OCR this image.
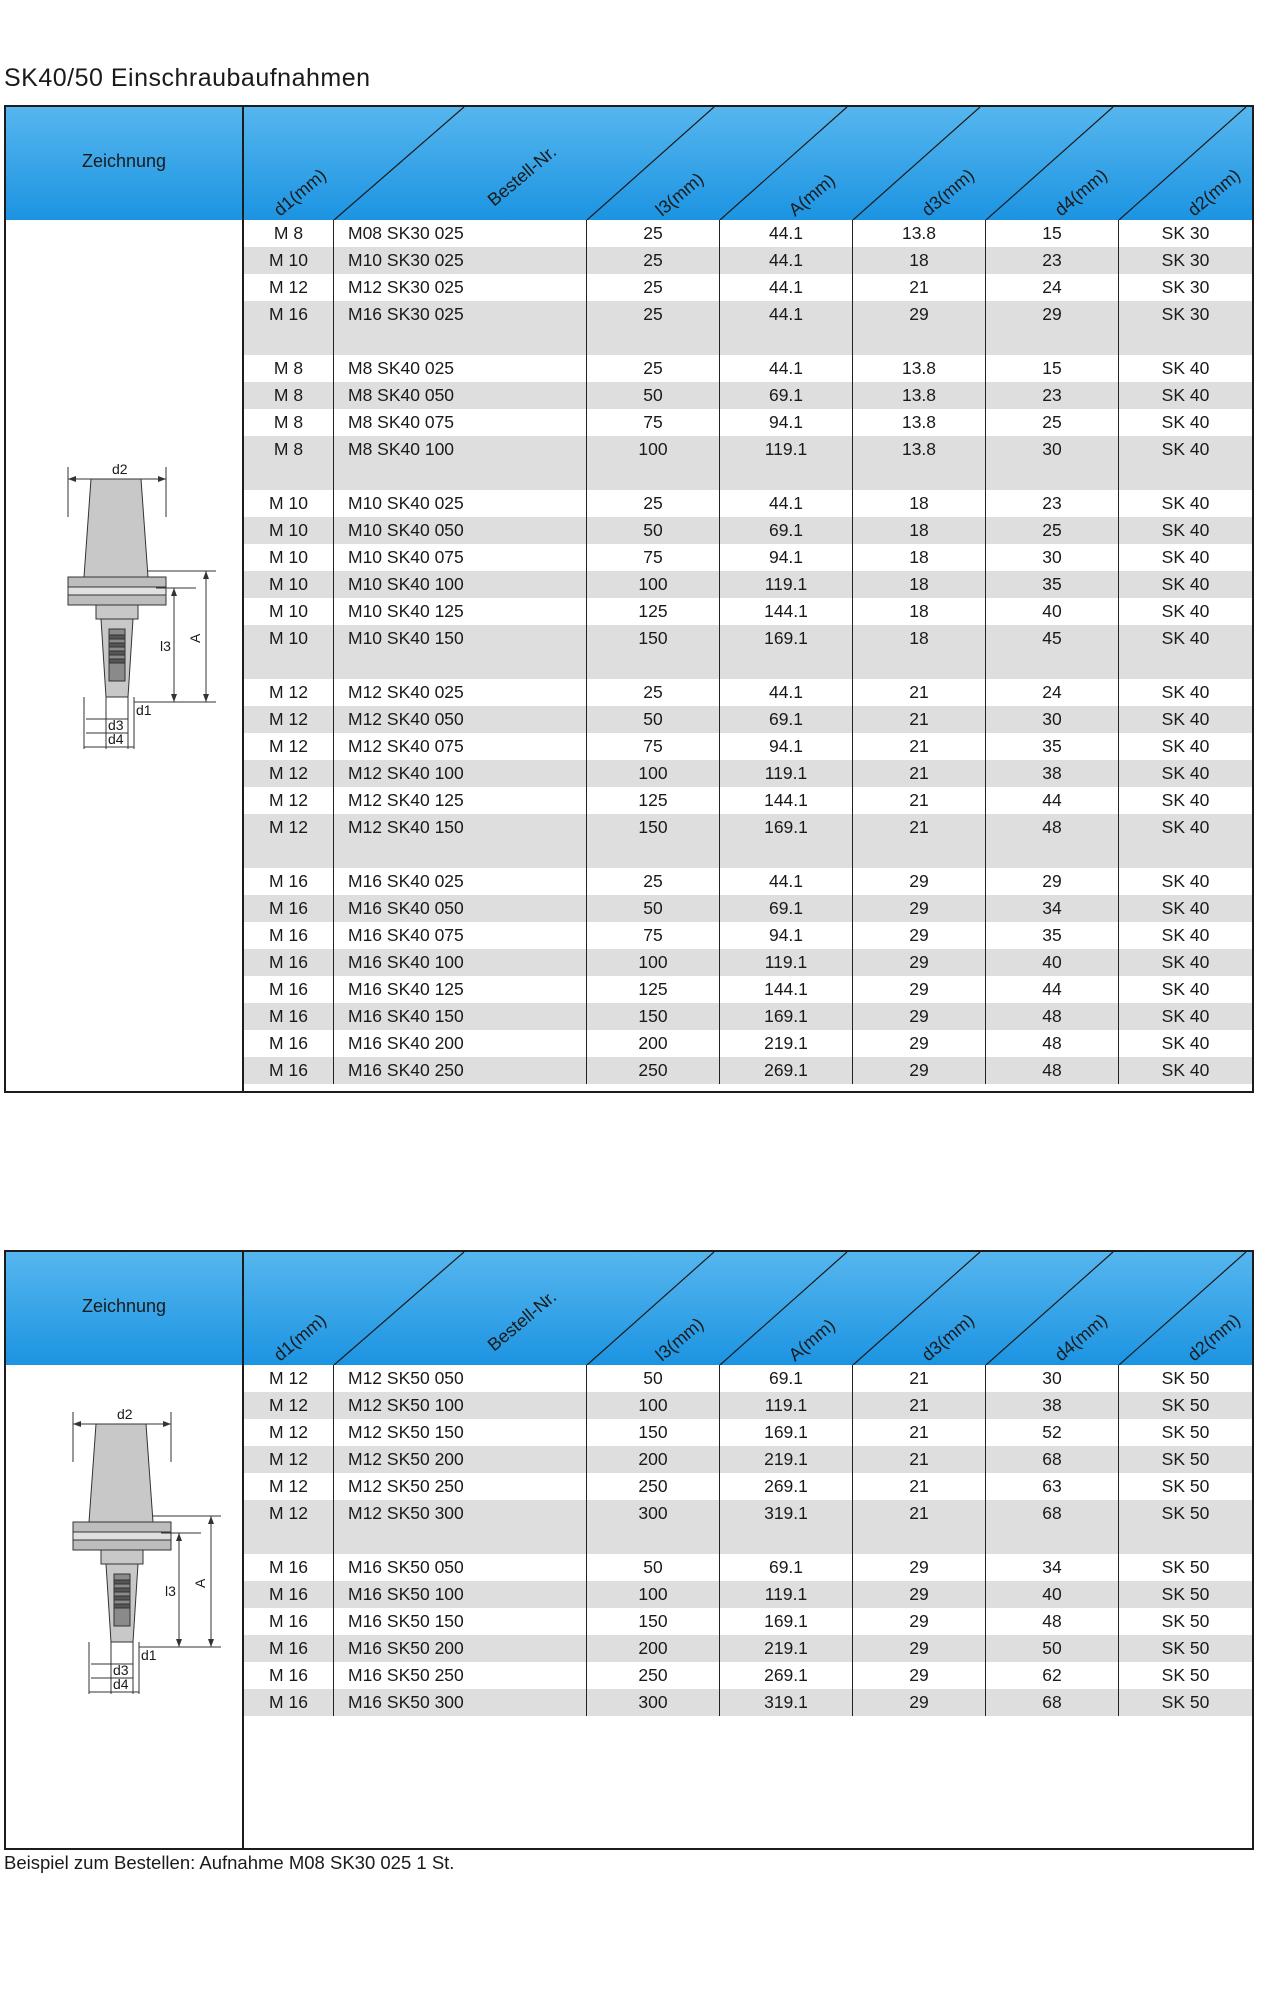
SK40/50 Einschraubaufnahmen
Zeichnung
d2
d1
d3
d4
l3 A
d1(mm)	Bestell-Nr.	l3(mm)	A(mm)	d3(mm)	d4(mm)	d2(mm)
M 8	M08 SK30 025	25	44.1	13.8	15	SK 30
M 10	M10 SK30 025	25	44.1	18	23	SK 30
M 12	M12 SK30 025	25	44.1	21	24	SK 30
M 16	M16 SK30 025	25	44.1	29	29	SK 30
M 8	M8 SK40 025	25	44.1	13.8	15	SK 40
M 8	M8 SK40 050	50	69.1	13.8	23	SK 40
M 8	M8 SK40 075	75	94.1	13.8	25	SK 40
M 8	M8 SK40 100	100	119.1	13.8	30	SK 40
M 10	M10 SK40 025	25	44.1	18	23	SK 40
M 10	M10 SK40 050	50	69.1	18	25	SK 40
M 10	M10 SK40 075	75	94.1	18	30	SK 40
M 10	M10 SK40 100	100	119.1	18	35	SK 40
M 10	M10 SK40 125	125	144.1	18	40	SK 40
M 10	M10 SK40 150	150	169.1	18	45	SK 40
M 12	M12 SK40 025	25	44.1	21	24	SK 40
M 12	M12 SK40 050	50	69.1	21	30	SK 40
M 12	M12 SK40 075	75	94.1	21	35	SK 40
M 12	M12 SK40 100	100	119.1	21	38	SK 40
M 12	M12 SK40 125	125	144.1	21	44	SK 40
M 12	M12 SK40 150	150	169.1	21	48	SK 40
M 16	M16 SK40 025	25	44.1	29	29	SK 40
M 16	M16 SK40 050	50	69.1	29	34	SK 40
M 16	M16 SK40 075	75	94.1	29	35	SK 40
M 16	M16 SK40 100	100	119.1	29	40	SK 40
M 16	M16 SK40 125	125	144.1	29	44	SK 40
M 16	M16 SK40 150	150	169.1	29	48	SK 40
M 16	M16 SK40 200	200	219.1	29	48	SK 40
M 16	M16 SK40 250	250	269.1	29	48	SK 40
Zeichnung
d2
d1
d3
d4
l3 A
d1(mm)	Bestell-Nr.	l3(mm)	A(mm)	d3(mm)	d4(mm)	d2(mm)
M 12	M12 SK50 050	50	69.1	21	30	SK 50
M 12	M12 SK50 100	100	119.1	21	38	SK 50
M 12	M12 SK50 150	150	169.1	21	52	SK 50
M 12	M12 SK50 200	200	219.1	21	68	SK 50
M 12	M12 SK50 250	250	269.1	21	63	SK 50
M 12	M12 SK50 300	300	319.1	21	68	SK 50
M 16	M16 SK50 050	50	69.1	29	34	SK 50
M 16	M16 SK50 100	100	119.1	29	40	SK 50
M 16	M16 SK50 150	150	169.1	29	48	SK 50
M 16	M16 SK50 200	200	219.1	29	50	SK 50
M 16	M16 SK50 250	250	269.1	29	62	SK 50
M 16	M16 SK50 300	300	319.1	29	68	SK 50
Beispiel zum Bestellen: Aufnahme M08 SK30 025 1 St.
